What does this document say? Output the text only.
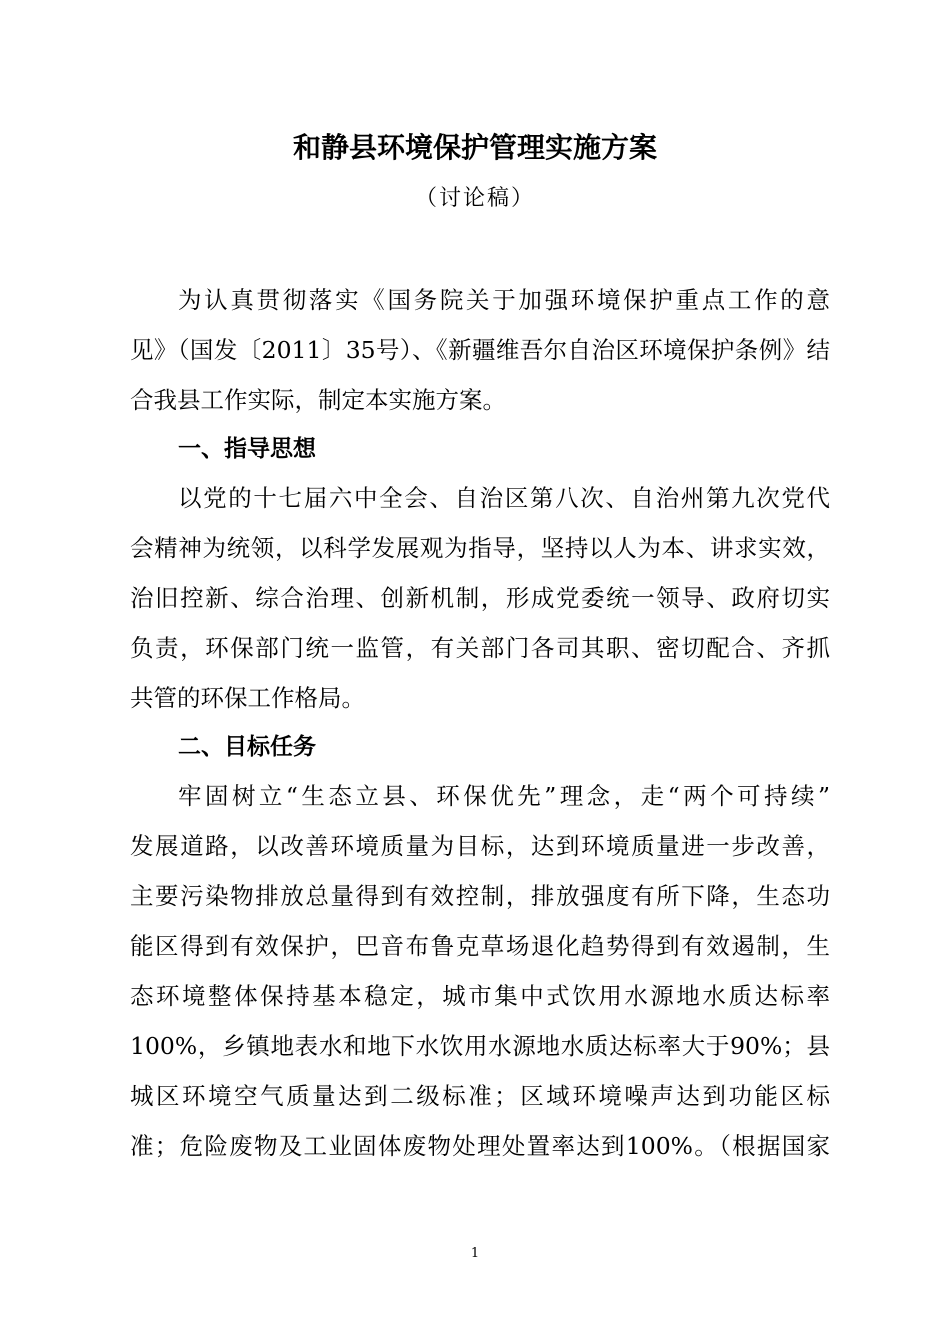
和静县环境保护管理实施方案

（讨论稿）

为认真贯彻落实《国务院关于加强环境保护重点工作的意

见》（国发〔2011〕35号）、《新疆维吾尔自治区环境保护条例》结

合我县工作实际，制定本实施方案。

一、指导思想

以党的十七届六中全会、自治区第八次、自治州第九次党代

会精神为统领，以科学发展观为指导，坚持以人为本、讲求实效，

治旧控新、综合治理、创新机制，形成党委统一领导、政府切实

负责，环保部门统一监管，有关部门各司其职、密切配合、齐抓

共管的环保工作格局。

二、目标任务

牢固树立“生态立县、环保优先”理念，走“两个可持续”

发展道路，以改善环境质量为目标，达到环境质量进一步改善，

主要污染物排放总量得到有效控制，排放强度有所下降，生态功

能区得到有效保护，巴音布鲁克草场退化趋势得到有效遏制，生

态环境整体保持基本稳定，城市集中式饮用水源地水质达标率

100%，乡镇地表水和地下水饮用水源地水质达标率大于90%；县

城区环境空气质量达到二级标准；区域环境噪声达到功能区标

准；危险废物及工业固体废物处理处置率达到100%。（根据国家

1
